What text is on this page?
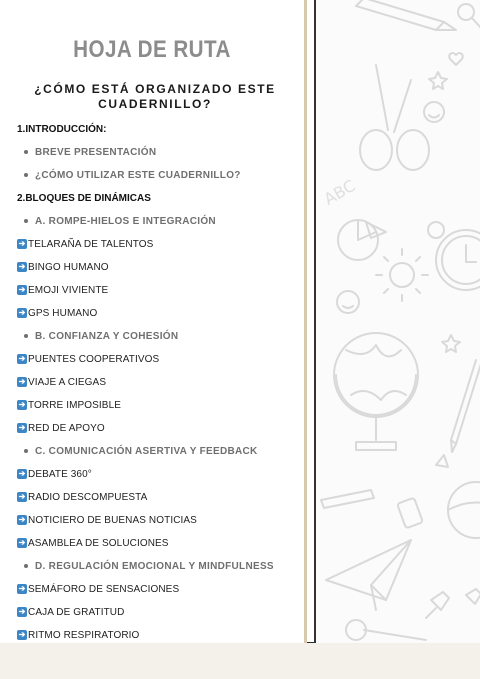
HOJA DE RUTA
¿CÓMO ESTÁ ORGANIZADO ESTE CUADERNILLO?
1.INTRODUCCIÓN:
BREVE PRESENTACIÓN
¿CÓMO UTILIZAR ESTE CUADERNILLO?
2.BLOQUES DE DINÁMICAS
A. ROMPE-HIELOS E INTEGRACIÓN
➔ TELARAÑA DE TALENTOS
➔ BINGO HUMANO
➔ EMOJI VIVIENTE
➔ GPS HUMANO
B. CONFIANZA Y COHESIÓN
➔ PUENTES COOPERATIVOS
➔ VIAJE A CIEGAS
➔ TORRE IMPOSIBLE
➔ RED DE APOYO
C. COMUNICACIÓN ASERTIVA Y FEEDBACK
➔ DEBATE 360°
➔ RADIO DESCOMPUESTA
➔ NOTICIERO DE BUENAS NOTICIAS
➔ ASAMBLEA DE SOLUCIONES
D. REGULACIÓN EMOCIONAL Y MINDFULNESS
➔ SEMÁFORO DE SENSACIONES
➔ CAJA DE GRATITUD
➔ RITMO RESPIRATORIO
ABC
